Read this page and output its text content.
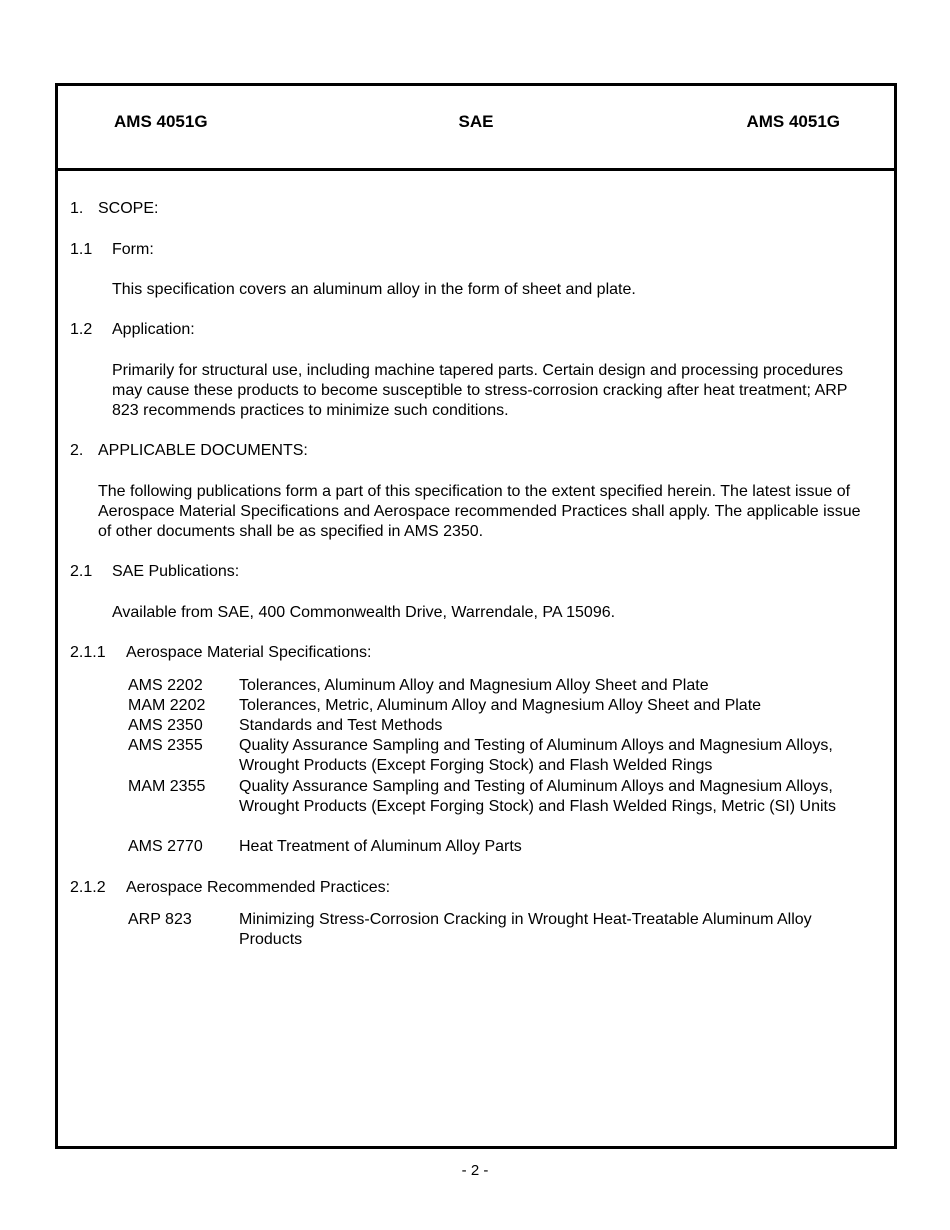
AMS 4051G	SAE	AMS 4051G
1. SCOPE:
1.1 Form:
This specification covers an aluminum alloy in the form of sheet and plate.
1.2 Application:
Primarily for structural use, including machine tapered parts. Certain design and processing procedures may cause these products to become susceptible to stress-corrosion cracking after heat treatment; ARP 823 recommends practices to minimize such conditions.
2. APPLICABLE DOCUMENTS:
The following publications form a part of this specification to the extent specified herein. The latest issue of Aerospace Material Specifications and Aerospace recommended Practices shall apply. The applicable issue of other documents shall be as specified in AMS 2350.
2.1 SAE Publications:
Available from SAE, 400 Commonwealth Drive, Warrendale, PA 15096.
2.1.1 Aerospace Material Specifications:
AMS 2202 Tolerances, Aluminum Alloy and Magnesium Alloy Sheet and Plate
MAM 2202 Tolerances, Metric, Aluminum Alloy and Magnesium Alloy Sheet and Plate
AMS 2350 Standards and Test Methods
AMS 2355 Quality Assurance Sampling and Testing of Aluminum Alloys and Magnesium Alloys, Wrought Products (Except Forging Stock) and Flash Welded Rings
MAM 2355 Quality Assurance Sampling and Testing of Aluminum Alloys and Magnesium Alloys, Wrought Products (Except Forging Stock) and Flash Welded Rings, Metric (SI) Units
AMS 2770 Heat Treatment of Aluminum Alloy Parts
2.1.2 Aerospace Recommended Practices:
ARP 823	Minimizing Stress-Corrosion Cracking in Wrought Heat-Treatable Aluminum Alloy Products
- 2 -
